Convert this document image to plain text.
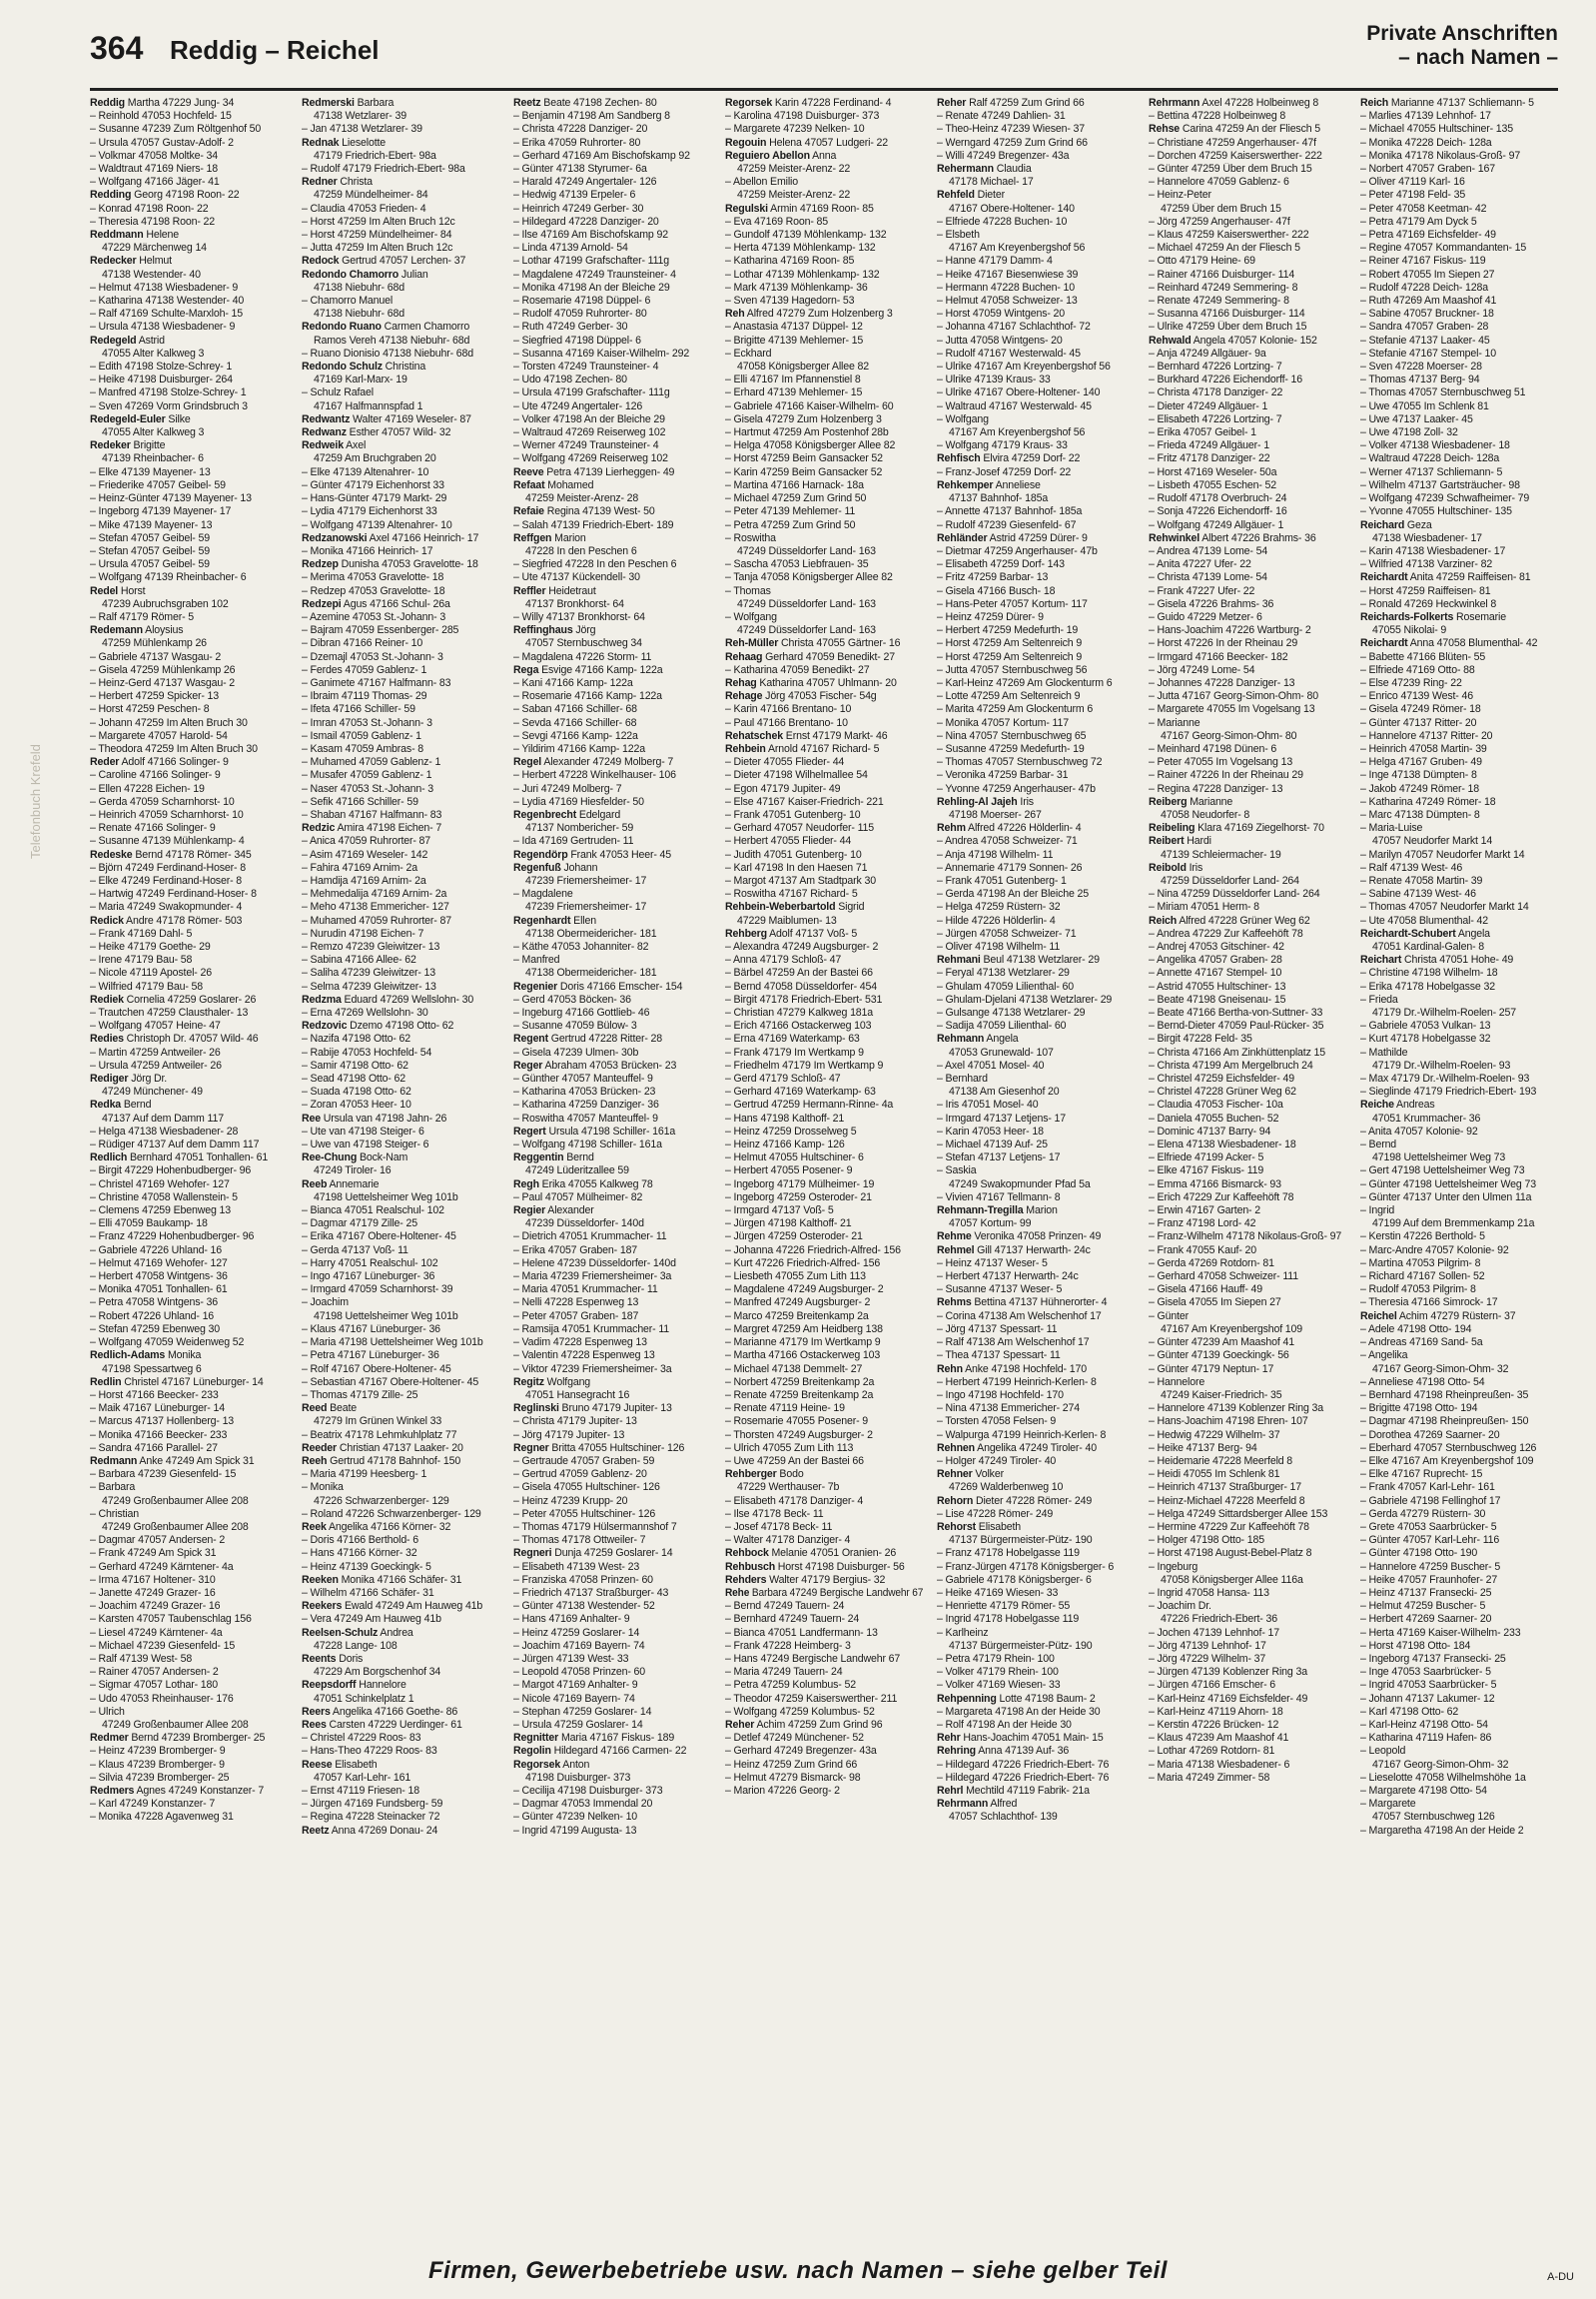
364 Reddig – Reichel
Private Anschriften
– nach Namen –
Telefonbuch Krefeld
Reddig Martha 47229 Jung- 34
– Reinhold 47053 Hochfeld- 15
– Susanne 47239 Zum Röltgenhof 50
– Ursula 47057 Gustav-Adolf- 2
– Volkmar 47058 Moltke- 34
– Waldtraut 47169 Niers- 18
– Wolfgang 47166 Jäger- 41
Redding Georg 47198 Roon- 22
– Konrad 47198 Roon- 22
– Theresia 47198 Roon- 22
Reddmann Helene
47229 Märchenweg 14
Redecker Helmut
47138 Westender- 40
– Helmut 47138 Wiesbadener- 9
– Katharina 47138 Westender- 40
– Ralf 47169 Schulte-Marxloh- 15
– Ursula 47138 Wiesbadener- 9
Redegeld Astrid
47055 Alter Kalkweg 3
– Edith 47198 Stolze-Schrey- 1
– Heike 47198 Duisburger- 264
– Manfred 47198 Stolze-Schrey- 1
– Sven 47269 Vorm Grindsbruch 3
Redegeld-Euler Silke
47055 Alter Kalkweg 3
Redeker Brigitte
47139 Rheinbacher- 6
– Elke 47139 Mayener- 13
– Friederike 47057 Geibel- 59
– Heinz-Günter 47139 Mayener- 13
– Ingeborg 47139 Mayener- 17
– Mike 47139 Mayener- 13
– Stefan 47057 Geibel- 59
– Stefan 47057 Geibel- 59
– Ursula 47057 Geibel- 59
– Wolfgang 47139 Rheinbacher- 6
Redel Horst
47239 Aubruchsgraben 102
– Ralf 47179 Römer- 5
Redemann Aloysius
47259 Mühlenkamp 26
– Gabriele 47137 Wasgau- 2
– Gisela 47259 Mühlenkamp 26
– Heinz-Gerd 47137 Wasgau- 2
– Herbert 47259 Spicker- 13
– Horst 47259 Peschen- 8
– Johann 47259 Im Alten Bruch 30
– Margarete 47057 Harold- 54
– Theodora 47259 Im Alten Bruch 30
Reder Adolf 47166 Solinger- 9
– Caroline 47166 Solinger- 9
– Ellen 47228 Eichen- 19
– Gerda 47059 Scharnhorst- 10
– Heinrich 47059 Scharnhorst- 10
– Renate 47166 Solinger- 9
– Susanne 47139 Mühlenkamp- 4
Redeske Bernd 47178 Römer- 345
– Björn 47249 Ferdinand-Hoser- 8
– Elke 47249 Ferdinand-Hoser- 8
– Hartwig 47249 Ferdinand-Hoser- 8
– Maria 47249 Swakopmunder- 4
Redick Andre 47178 Römer- 503
– Frank 47169 Dahl- 5
– Heike 47179 Goethe- 29
– Irene 47179 Bau- 58
– Nicole 47119 Apostel- 26
– Wilfried 47179 Bau- 58
Rediek Cornelia 47259 Goslarer- 26
– Trautchen 47259 Clausthaler- 13
– Wolfgang 47057 Heine- 47
Redies Christoph Dr. 47057 Wild- 46
– Martin 47259 Antweiler- 26
– Ursula 47259 Antweiler- 26
Rediger Jörg Dr.
47249 Münchener- 49
Redka Bernd
47137 Auf dem Damm 117
– Helga 47138 Wiesbadener- 28
– Rüdiger 47137 Auf dem Damm 117
Redlich Bernhard 47051 Tonhallen- 61
– Birgit 47229 Hohenbudberger- 96
– Christel 47169 Wehofer- 127
– Christine 47058 Wallenstein- 5
– Clemens 47259 Ebenweg 13
– Elli 47059 Baukamp- 18
– Franz 47229 Hohenbudberger- 96
– Gabriele 47226 Uhland- 16
– Helmut 47169 Wehofer- 127
– Herbert 47058 Wintgens- 36
– Monika 47051 Tonhallen- 61
– Petra 47058 Wintgens- 36
– Robert 47226 Uhland- 16
– Stefan 47259 Ebenweg 30
– Wolfgang 47059 Weidenweg 52
Redlich-Adams Monika
47198 Spessartweg 6
Redlin Christel 47167 Lüneburger- 14
– Horst 47166 Beecker- 233
– Maik 47167 Lüneburger- 14
– Marcus 47137 Hollenberg- 13
– Monika 47166 Beecker- 233
– Sandra 47166 Parallel- 27
Redmann Anke 47249 Am Spick 31
– Barbara 47239 Giesenfeld- 15
– Barbara
47249 Großenbaumer Allee 208
– Christian
47249 Großenbaumer Allee 208
– Dagmar 47057 Andersen- 2
– Frank 47249 Am Spick 31
– Gerhard 47249 Kärntener- 4a
– Irma 47167 Holtener- 310
– Janette 47249 Grazer- 16
– Joachim 47249 Grazer- 16
– Karsten 47057 Taubenschlag 156
– Liesel 47249 Kärntener- 4a
– Michael 47239 Giesenfeld- 15
– Ralf 47139 West- 58
– Rainer 47057 Andersen- 2
– Sigmar 47057 Lothar- 180
– Udo 47053 Rheinhauser- 176
– Ulrich
47249 Großenbaumer Allee 208
Redmer Bernd 47239 Bromberger- 25
– Heinz 47239 Bromberger- 9
– Klaus 47239 Bromberger- 9
– Silvia 47239 Bromberger- 25
Redmers Agnes 47249 Konstanzer- 7
– Karl 47249 Konstanzer- 7
– Monika 47228 Agavenweg 31
Redmerski Barbara
47138 Wetzlarer- 39
– Jan 47138 Wetzlarer- 39
Rednak Lieselotte
47179 Friedrich-Ebert- 98a
– Rudolf 47179 Friedrich-Ebert- 98a
Redner Christa
47259 Mündelheimer- 84
– Claudia 47053 Frieden- 4
– Horst 47259 Im Alten Bruch 12c
– Horst 47259 Mündelheimer- 84
– Jutta 47259 Im Alten Bruch 12c
Redock Gertrud 47057 Lerchen- 37
Redondo Chamorro Julian
47138 Niebuhr- 68d
– Chamorro Manuel
47138 Niebuhr- 68d
Redondo Ruano Carmen Chamorro
Ramos Vereh 47138 Niebuhr- 68d
– Ruano Dionisio 47138 Niebuhr- 68d
Redondo Schulz Christina
47169 Karl-Marx- 19
– Schulz Rafael
47167 Halfmannspfad 1
Redwantz Walter 47169 Weseler- 87
Redwanz Esther 47057 Wild- 32
Redweik Axel
47259 Am Bruchgraben 20
– Elke 47139 Altenahrer- 10
– Günter 47179 Eichenhorst 33
– Hans-Günter 47179 Markt- 29
– Lydia 47179 Eichenhorst 33
– Wolfgang 47139 Altenahrer- 10
Redzanowski Axel 47166 Heinrich- 17
– Monika 47166 Heinrich- 17
Redzep Dunisha 47053 Gravelotte- 18
– Merima 47053 Gravelotte- 18
– Redzep 47053 Gravelotte- 18
Redzepi Agus 47166 Schul- 26a
– Azemine 47053 St.-Johann- 3
– Bajram 47059 Essenberger- 285
– Dibran 47166 Reiner- 10
– Dzemajl 47053 St.-Johann- 3
– Ferdes 47059 Gablenz- 1
– Ganimete 47167 Halfmann- 83
– Ibraim 47119 Thomas- 29
– Ifeta 47166 Schiller- 59
– Imran 47053 St.-Johann- 3
– Ismail 47059 Gablenz- 1
– Kasam 47059 Ambras- 8
– Muhamed 47059 Gablenz- 1
– Musafer 47059 Gablenz- 1
– Naser 47053 St.-Johann- 3
– Sefik 47166 Schiller- 59
– Shaban 47167 Halfmann- 83
Redzic Amira 47198 Eichen- 7
– Anica 47059 Ruhrorter- 87
– Asim 47169 Weseler- 142
– Fahira 47169 Arnim- 2a
– Hamdija 47169 Arnim- 2a
– Mehmedalija 47169 Arnim- 2a
– Meho 47138 Emmericher- 127
– Muhamed 47059 Ruhrorter- 87
– Nurudin 47198 Eichen- 7
– Remzo 47239 Gleiwitzer- 13
– Sabina 47166 Allee- 62
– Saliha 47239 Gleiwitzer- 13
– Selma 47239 Gleiwitzer- 13
Redzma Eduard 47269 Wellslohn- 30
– Erna 47269 Wellslohn- 30
Redzovic Dzemo 47198 Otto- 62
– Nazifa 47198 Otto- 62
– Rabije 47053 Hochfeld- 54
– Samir 47198 Otto- 62
– Sead 47198 Otto- 62
– Suada 47198 Otto- 62
– Zoran 47053 Heer- 10
Ree Ursula van 47198 Jahn- 26
– Ute van 47198 Steiger- 6
– Uwe van 47198 Steiger- 6
Ree-Chung Bock-Nam
47249 Tiroler- 16
Reeb Annemarie
47198 Uettelsheimer Weg 101b
– Bianca 47051 Realschul- 102
– Dagmar 47179 Zille- 25
– Erika 47167 Obere-Holtener- 45
– Gerda 47137 Voß- 11
– Harry 47051 Realschul- 102
– Ingo 47167 Lüneburger- 36
– Irmgard 47059 Scharnhorst- 39
– Joachim
47198 Uettelsheimer Weg 101b
– Klaus 47167 Lüneburger- 36
– Maria 47198 Uettelsheimer Weg 101b
– Petra 47167 Lüneburger- 36
– Rolf 47167 Obere-Holtener- 45
– Sebastian 47167 Obere-Holtener- 45
– Thomas 47179 Zille- 25
Reed Beate
47279 Im Grünen Winkel 33
– Beatrix 47178 Lehmkuhlplatz 77
Reeder Christian 47137 Laaker- 20
Reeh Gertrud 47178 Bahnhof- 150
– Maria 47199 Heesberg- 1
– Monika
47226 Schwarzenberger- 129
– Roland 47226 Schwarzenberger- 129
Reek Angelika 47166 Körner- 32
– Doris 47166 Berthold- 6
– Hans 47166 Körner- 32
– Heinz 47139 Goeckingk- 5
Reeken Monika 47166 Schäfer- 31
– Wilhelm 47166 Schäfer- 31
Reekers Ewald 47249 Am Hauweg 41b
– Vera 47249 Am Hauweg 41b
Reelsen-Schulz Andrea
47228 Lange- 108
Reents Doris
47229 Am Borgschenhof 34
Reepsdorff Hannelore
47051 Schinkelplatz 1
Reers Angelika 47166 Goethe- 86
Rees Carsten 47229 Uerdinger- 61
– Christel 47229 Roos- 83
– Hans-Theo 47229 Roos- 83
Reese Elisabeth
47057 Karl-Lehr- 161
– Ernst 47119 Friesen- 18
– Jürgen 47169 Fundsberg- 59
– Regina 47228 Steinacker 72
Reetz Anna 47269 Donau- 24
Reetz Beate 47198 Zechen- 80
– Benjamin 47198 Am Sandberg 8
– Christa 47228 Danziger- 20
– Erika 47059 Ruhrorter- 80
– Gerhard 47169 Am Bischofskamp 92
– Günter 47138 Styrumer- 6a
– Harald 47249 Angertaler- 126
– Hedwig 47139 Erpeler- 6
– Heinrich 47249 Gerber- 30
– Hildegard 47228 Danziger- 20
– Ilse 47169 Am Bischofskamp 92
– Linda 47139 Arnold- 54
– Lothar 47199 Grafschafter- 111g
– Magdalene 47249 Traunsteiner- 4
– Monika 47198 An der Bleiche 29
– Rosemarie 47198 Düppel- 6
– Rudolf 47059 Ruhrorter- 80
– Ruth 47249 Gerber- 30
– Siegfried 47198 Düppel- 6
– Susanna 47169 Kaiser-Wilhelm- 292
– Torsten 47249 Traunsteiner- 4
– Udo 47198 Zechen- 80
– Ursula 47199 Grafschafter- 111g
– Ute 47249 Angertaler- 126
– Volker 47198 An der Bleiche 29
– Waltraud 47269 Reiserweg 102
– Werner 47249 Traunsteiner- 4
– Wolfgang 47269 Reiserweg 102
Reeve Petra 47139 Lierheggen- 49
Refaat Mohamed
47259 Meister-Arenz- 28
Refaie Regina 47139 West- 50
– Salah 47139 Friedrich-Ebert- 189
Reffgen Marion
47228 In den Peschen 6
– Siegfried 47228 In den Peschen 6
– Ute 47137 Kückendell- 30
Reffler Heidetraut
47137 Bronkhorst- 64
– Willy 47137 Bronkhorst- 64
Reffinghaus Jörg
47057 Sternbuschweg 34
– Magdalena 47226 Storm- 11
Rega Esvige 47166 Kamp- 122a
– Kani 47166 Kamp- 122a
– Rosemarie 47166 Kamp- 122a
– Saban 47166 Schiller- 68
– Sevda 47166 Schiller- 68
– Sevgi 47166 Kamp- 122a
– Yildirim 47166 Kamp- 122a
Regel Alexander 47249 Molberg- 7
– Herbert 47228 Winkelhauser- 106
– Juri 47249 Molberg- 7
– Lydia 47169 Hiesfelder- 50
Regenbrecht Edelgard
47137 Nombericher- 59
– Ida 47169 Gertruden- 11
Regendörp Frank 47053 Heer- 45
Regenfuß Johann
47239 Friemersheimer- 17
– Magdalene
47239 Friemersheimer- 17
Regenhardt Ellen
47138 Obermeidericher- 181
– Käthe 47053 Johanniter- 82
– Manfred
47138 Obermeidericher- 181
Regenier Doris 47166 Emscher- 154
– Gerd 47053 Böcken- 36
– Ingeburg 47166 Gottlieb- 46
– Susanne 47059 Bülow- 3
Regent Gertrud 47228 Ritter- 28
– Gisela 47239 Ulmen- 30b
Reger Abraham 47053 Brücken- 23
– Günther 47057 Manteuffel- 9
– Katharina 47053 Brücken- 23
– Katharina 47259 Danziger- 36
– Roswitha 47057 Manteuffel- 9
Regert Ursula 47198 Schiller- 161a
– Wolfgang 47198 Schiller- 161a
Reggentin Bernd
47249 Lüderitzallee 59
Regh Erika 47055 Kalkweg 78
– Paul 47057 Mülheimer- 82
Regier Alexander
47239 Düsseldorfer- 140d
– Dietrich 47051 Krummacher- 11
– Erika 47057 Graben- 187
– Helene 47239 Düsseldorfer- 140d
– Maria 47239 Friemersheimer- 3a
– Maria 47051 Krummacher- 11
– Nelli 47228 Espenweg 13
– Peter 47057 Graben- 187
– Ramsija 47051 Krummacher- 11
– Vadim 47228 Espenweg 13
– Valentin 47228 Espenweg 13
– Viktor 47239 Friemersheimer- 3a
Regitz Wolfgang
47051 Hansegracht 16
Reglinski Bruno 47179 Jupiter- 13
– Christa 47179 Jupiter- 13
– Jörg 47179 Jupiter- 13
Regner Britta 47055 Hultschiner- 126
– Gertraude 47057 Graben- 59
– Gertrud 47059 Gablenz- 20
– Gisela 47055 Hultschiner- 126
– Heinz 47239 Krupp- 20
– Peter 47055 Hultschiner- 126
– Thomas 47179 Hülsermannshof 7
– Thomas 47178 Ottweiler- 7
Regneri Dunja 47259 Goslarer- 14
– Elisabeth 47139 West- 23
– Franziska 47058 Prinzen- 60
– Friedrich 47137 Straßburger- 43
– Günter 47138 Westender- 52
– Hans 47169 Anhalter- 9
– Heinz 47259 Goslarer- 14
– Joachim 47169 Bayern- 74
– Jürgen 47139 West- 33
– Leopold 47058 Prinzen- 60
– Margot 47169 Anhalter- 9
– Nicole 47169 Bayern- 74
– Stephan 47259 Goslarer- 14
– Ursula 47259 Goslarer- 14
Regnitter Maria 47167 Fiskus- 189
Regolin Hildegard 47166 Carmen- 22
Regorsek Anton
47198 Duisburger- 373
– Cecilija 47198 Duisburger- 373
– Dagmar 47053 Immendal 20
– Günter 47239 Nelken- 10
– Ingrid 47199 Augusta- 13
Regorsek Karin 47228 Ferdinand- 4
– Karolina 47198 Duisburger- 373
– Margarete 47239 Nelken- 10
Regouin Helena 47057 Ludgeri- 22
Reguiero Abellon Anna
47259 Meister-Arenz- 22
– Abellon Emilio
47259 Meister-Arenz- 22
Regulski Armin 47169 Roon- 85
– Eva 47169 Roon- 85
– Gundolf 47139 Möhlenkamp- 132
– Herta 47139 Möhlenkamp- 132
– Katharina 47169 Roon- 85
– Lothar 47139 Möhlenkamp- 132
– Mark 47139 Möhlenkamp- 36
– Sven 47139 Hagedorn- 53
Reh Alfred 47279 Zum Holzenberg 3
– Anastasia 47137 Düppel- 12
– Brigitte 47139 Mehlemer- 15
– Eckhard
47058 Königsberger Allee 82
– Elli 47167 Im Pfannenstiel 8
– Erhard 47139 Mehlemer- 15
– Gabriele 47166 Kaiser-Wilhelm- 60
– Gisela 47279 Zum Holzenberg 3
– Hartmut 47259 Am Postenhof 28b
– Helga 47058 Königsberger Allee 82
– Horst 47259 Beim Gansacker 52
– Karin 47259 Beim Gansacker 52
– Martina 47166 Harnack- 18a
– Michael 47259 Zum Grind 50
– Peter 47139 Mehlemer- 11
– Petra 47259 Zum Grind 50
– Roswitha
47249 Düsseldorfer Land- 163
– Sascha 47053 Liebfrauen- 35
– Tanja 47058 Königsberger Allee 82
– Thomas
47249 Düsseldorfer Land- 163
– Wolfgang
47249 Düsseldorfer Land- 163
Reh-Müller Christa 47055 Gärtner- 16
Rehaag Gerhard 47059 Benedikt- 27
– Katharina 47059 Benedikt- 27
Rehag Katharina 47057 Uhlmann- 20
Rehage Jörg 47053 Fischer- 54g
– Karin 47166 Brentano- 10
– Paul 47166 Brentano- 10
Rehatschek Ernst 47179 Markt- 46
Rehbein Arnold 47167 Richard- 5
– Dieter 47055 Flieder- 44
– Dieter 47198 Wilhelmallee 54
– Egon 47179 Jupiter- 49
– Else 47167 Kaiser-Friedrich- 221
– Frank 47051 Gutenberg- 10
– Gerhard 47057 Neudorfer- 115
– Herbert 47055 Flieder- 44
– Judith 47051 Gutenberg- 10
– Karl 47198 In den Haesen 71
– Margot 47137 Am Stadtpark 30
– Roswitha 47167 Richard- 5
Rehbein-Weberbartold Sigrid
47229 Maiblumen- 13
Rehberg Adolf 47137 Voß- 5
– Alexandra 47249 Augsburger- 2
– Anna 47179 Schloß- 47
– Bärbel 47259 An der Bastei 66
– Bernd 47058 Düsseldorfer- 454
– Birgit 47178 Friedrich-Ebert- 531
– Christian 47279 Kalkweg 181a
– Erich 47166 Ostackerweg 103
– Erna 47169 Waterkamp- 63
– Frank 47179 Im Wertkamp 9
– Friedhelm 47179 Im Wertkamp 9
– Gerd 47179 Schloß- 47
– Gerhard 47169 Waterkamp- 63
– Gertrud 47259 Hermann-Rinne- 4a
– Hans 47198 Kalthoff- 21
– Heinz 47259 Drosselweg 5
– Heinz 47166 Kamp- 126
– Helmut 47055 Hultschiner- 6
– Herbert 47055 Posener- 9
– Ingeborg 47179 Mülheimer- 19
– Ingeborg 47259 Osteroder- 21
– Irmgard 47137 Voß- 5
– Jürgen 47198 Kalthoff- 21
– Jürgen 47259 Osteroder- 21
– Johanna 47226 Friedrich-Alfred- 156
– Kurt 47226 Friedrich-Alfred- 156
– Liesbeth 47055 Zum Lith 113
– Magdalene 47249 Augsburger- 2
– Manfred 47249 Augsburger- 2
– Marco 47259 Breitenkamp 2a
– Margret 47259 Am Heidberg 138
– Marianne 47179 Im Wertkamp 9
– Martha 47166 Ostackerweg 103
– Michael 47138 Demmelt- 27
– Norbert 47259 Breitenkamp 2a
– Renate 47259 Breitenkamp 2a
– Renate 47119 Heine- 19
– Rosemarie 47055 Posener- 9
– Thorsten 47249 Augsburger- 2
– Ulrich 47055 Zum Lith 113
– Uwe 47259 An der Bastei 66
Rehberger Bodo
47229 Werthauser- 7b
– Elisabeth 47178 Danziger- 4
– Ilse 47178 Beck- 11
– Josef 47178 Beck- 11
– Walter 47178 Danziger- 4
Rehbock Melanie 47051 Oranien- 26
Rehbusch Horst 47198 Duisburger- 56
Rehders Walter 47179 Bergius- 32
Rehe Barbara 47249 Bergische Landwehr 67
– Bernd 47249 Tauern- 24
– Bernhard 47249 Tauern- 24
– Bianca 47051 Landfermann- 13
– Frank 47228 Heimberg- 3
– Hans 47249 Bergische Landwehr 67
– Maria 47249 Tauern- 24
– Petra 47259 Kolumbus- 52
– Theodor 47259 Kaiserswerther- 211
– Wolfgang 47259 Kolumbus- 52
Reher Achim 47259 Zum Grind 96
– Detlef 47249 Münchener- 52
– Gerhard 47249 Bregenzer- 43a
– Heinz 47259 Zum Grind 66
– Helmut 47279 Bismarck- 98
– Marion 47226 Georg- 2
Reher Ralf 47259 Zum Grind 66
– Renate 47249 Dahlien- 31
– Theo-Heinz 47239 Wiesen- 37
– Werngard 47259 Zum Grind 66
– Willi 47249 Bregenzer- 43a
Rehermann Claudia
47178 Michael- 17
Rehfeld Dieter
47167 Obere-Holtener- 140
– Elfriede 47228 Buchen- 10
– Elsbeth
47167 Am Kreyenbergshof 56
– Hanne 47179 Damm- 4
– Heike 47167 Biesenwiese 39
– Hermann 47228 Buchen- 10
– Helmut 47058 Schweizer- 13
– Horst 47059 Wintgens- 20
– Johanna 47167 Schlachthof- 72
– Jutta 47058 Wintgens- 20
– Rudolf 47167 Westerwald- 45
– Ulrike 47167 Am Kreyenbergshof 56
– Ulrike 47139 Kraus- 33
– Ulrike 47167 Obere-Holtener- 140
– Waltraud 47167 Westerwald- 45
– Wolfgang
47167 Am Kreyenbergshof 56
– Wolfgang 47179 Kraus- 33
Rehfisch Elvira 47259 Dorf- 22
– Franz-Josef 47259 Dorf- 22
Rehkemper Anneliese
47137 Bahnhof- 185a
– Annette 47137 Bahnhof- 185a
– Rudolf 47239 Giesenfeld- 67
Rehländer Astrid 47259 Dürer- 9
– Dietmar 47259 Angerhauser- 47b
– Elisabeth 47259 Dorf- 143
– Fritz 47259 Barbar- 13
– Gisela 47166 Busch- 18
– Hans-Peter 47057 Kortum- 117
– Heinz 47259 Dürer- 9
– Herbert 47259 Medefurth- 19
– Horst 47259 Am Seltenreich 9
– Horst 47259 Am Seltenreich 9
– Jutta 47057 Sternbuschweg 56
– Karl-Heinz 47269 Am Glockenturm 6
– Lotte 47259 Am Seltenreich 9
– Marita 47259 Am Glockenturm 6
– Monika 47057 Kortum- 117
– Nina 47057 Sternbuschweg 65
– Susanne 47259 Medefurth- 19
– Thomas 47057 Sternbuschweg 72
– Veronika 47259 Barbar- 31
– Yvonne 47259 Angerhauser- 47b
Rehling-Al Jajeh Iris
47198 Moerser- 267
Rehm Alfred 47226 Hölderlin- 4
– Andrea 47058 Schweizer- 71
– Anja 47198 Wilhelm- 11
– Annemarie 47179 Sonnen- 26
– Frank 47051 Gutenberg- 1
– Gerda 47198 An der Bleiche 25
– Helga 47259 Rüstern- 32
– Hilde 47226 Hölderlin- 4
– Jürgen 47058 Schweizer- 71
– Oliver 47198 Wilhelm- 11
Rehmani Beul 47138 Wetzlarer- 29
– Feryal 47138 Wetzlarer- 29
– Ghulam 47059 Lilienthal- 60
– Ghulam-Djelani 47138 Wetzlarer- 29
– Gulsange 47138 Wetzlarer- 29
– Sadija 47059 Lilienthal- 60
Rehmann Angela
47053 Grunewald- 107
– Axel 47051 Mosel- 40
– Bernhard
47138 Am Giesenhof 20
– Iris 47051 Mosel- 40
– Irmgard 47137 Letjens- 17
– Karin 47053 Heer- 18
– Michael 47139 Auf- 25
– Stefan 47137 Letjens- 17
– Saskia
47249 Swakopmunder Pfad 5a
– Vivien 47167 Tellmann- 8
Rehmann-Tregilla Marion
47057 Kortum- 99
Rehme Veronika 47058 Prinzen- 49
Rehmel Gill 47137 Herwarth- 24c
– Heinz 47137 Weser- 5
– Herbert 47137 Herwarth- 24c
– Susanne 47137 Weser- 5
Rehms Bettina 47137 Hühnerorter- 4
– Corina 47138 Am Welschenhof 17
– Jörg 47137 Spessart- 11
– Ralf 47138 Am Welschenhof 17
– Thea 47137 Spessart- 11
Rehn Anke 47198 Hochfeld- 170
– Herbert 47199 Heinrich-Kerlen- 8
– Ingo 47198 Hochfeld- 170
– Nina 47138 Emmericher- 274
– Torsten 47058 Felsen- 9
– Walpurga 47199 Heinrich-Kerlen- 8
Rehnen Angelika 47249 Tiroler- 40
– Holger 47249 Tiroler- 40
Rehner Volker
47269 Walderbenweg 10
Rehorn Dieter 47228 Römer- 249
– Lise 47228 Römer- 249
Rehorst Elisabeth
47137 Bürgermeister-Pütz- 190
– Franz 47178 Hobelgasse 119
– Franz-Jürgen 47178 Königsberger- 6
– Gabriele 47178 Königsberger- 6
– Heike 47169 Wiesen- 33
– Henriette 47179 Römer- 55
– Ingrid 47178 Hobelgasse 119
– Karlheinz
47137 Bürgermeister-Pütz- 190
– Petra 47179 Rhein- 100
– Volker 47179 Rhein- 100
– Volker 47169 Wiesen- 33
Rehpenning Lotte 47198 Baum- 2
– Margareta 47198 An der Heide 30
– Rolf 47198 An der Heide 30
Rehr Hans-Joachim 47051 Main- 15
Rehring Anna 47139 Auf- 36
– Hildegard 47226 Friedrich-Ebert- 76
– Hildegard 47226 Friedrich-Ebert- 76
Rehrl Mechtild 47119 Fabrik- 21a
Rehrmann Alfred
47057 Schlachthof- 139
Rehrmann Axel 47228 Holbeinweg 8
– Bettina 47228 Holbeinweg 8
Rehse Carina 47259 An der Fliesch 5
– Christiane 47259 Angerhauser- 47f
– Dorchen 47259 Kaiserswerther- 222
– Günter 47259 Über dem Bruch 15
– Hannelore 47059 Gablenz- 6
– Heinz-Peter
47259 Über dem Bruch 15
– Jörg 47259 Angerhauser- 47f
– Klaus 47259 Kaiserswerther- 222
– Michael 47259 An der Fliesch 5
– Otto 47179 Heine- 69
– Rainer 47166 Duisburger- 114
– Reinhard 47249 Semmering- 8
– Renate 47249 Semmering- 8
– Susanna 47166 Duisburger- 114
– Ulrike 47259 Über dem Bruch 15
Rehwald Angela 47057 Kolonie- 152
– Anja 47249 Allgäuer- 9a
– Bernhard 47226 Lortzing- 7
– Burkhard 47226 Eichendorff- 16
– Christa 47178 Danziger- 22
– Dieter 47249 Allgäuer- 1
– Elisabeth 47226 Lortzing- 7
– Erika 47057 Geibel- 1
– Frieda 47249 Allgäuer- 1
– Fritz 47178 Danziger- 22
– Horst 47169 Weseler- 50a
– Lisbeth 47055 Eschen- 52
– Rudolf 47178 Overbruch- 24
– Sonja 47226 Eichendorff- 16
– Wolfgang 47249 Allgäuer- 1
Rehwinkel Albert 47226 Brahms- 36
– Andrea 47139 Lome- 54
– Anita 47227 Ufer- 22
– Christa 47139 Lome- 54
– Frank 47227 Ufer- 22
– Gisela 47226 Brahms- 36
– Guido 47229 Metzer- 6
– Hans-Joachim 47226 Wartburg- 2
– Horst 47226 In der Rheinau 29
– Irmgard 47166 Beecker- 182
– Jörg 47249 Lome- 54
– Johannes 47228 Danziger- 13
– Jutta 47167 Georg-Simon-Ohm- 80
– Margarete 47055 Im Vogelsang 13
– Marianne
47167 Georg-Simon-Ohm- 80
– Meinhard 47198 Dünen- 6
– Peter 47055 Im Vogelsang 13
– Rainer 47226 In der Rheinau 29
– Regina 47228 Danziger- 13
Reiberg Marianne
47058 Neudorfer- 8
Reibeling Klara 47169 Ziegelhorst- 70
Reibert Hardi
47139 Schleiermacher- 19
Reibold Iris
47259 Düsseldorfer Land- 264
– Nina 47259 Düsseldorfer Land- 264
– Miriam 47051 Herm- 8
Reich Alfred 47228 Grüner Weg 62
– Andrea 47229 Zur Kaffeehöft 78
– Andrej 47053 Gitschiner- 42
– Angelika 47057 Graben- 28
– Annette 47167 Stempel- 10
– Astrid 47055 Hultschiner- 13
– Beate 47198 Gneisenau- 15
– Beate 47166 Bertha-von-Suttner- 33
– Bernd-Dieter 47059 Paul-Rücker- 35
– Birgit 47228 Feld- 35
– Christa 47166 Am Zinkhüttenplatz 15
– Christa 47199 Am Mergelbruch 24
– Christel 47259 Eichsfelder- 49
– Christel 47228 Grüner Weg 62
– Claudia 47053 Fischer- 10a
– Daniela 47055 Buchen- 52
– Dominic 47137 Barry- 94
– Elena 47138 Wiesbadener- 18
– Elfriede 47199 Acker- 5
– Elke 47167 Fiskus- 119
– Emma 47166 Bismarck- 93
– Erich 47229 Zur Kaffeehöft 78
– Erwin 47167 Garten- 2
– Franz 47198 Lord- 42
– Franz-Wilhelm 47178 Nikolaus-Groß- 97
– Frank 47055 Kauf- 20
– Gerda 47269 Rotdorn- 81
– Gerhard 47058 Schweizer- 111
– Gisela 47166 Hauff- 49
– Gisela 47055 Im Siepen 27
– Günter
47167 Am Kreyenbergshof 109
– Günter 47239 Am Maashof 41
– Günter 47139 Goeckingk- 56
– Günter 47179 Neptun- 17
– Hannelore
47249 Kaiser-Friedrich- 35
– Hannelore 47139 Koblenzer Ring 3a
– Hans-Joachim 47198 Ehren- 107
– Hedwig 47229 Wilhelm- 37
– Heike 47137 Berg- 94
– Heidemarie 47228 Meerfeld 8
– Heidi 47055 Im Schlenk 81
– Heinrich 47137 Straßburger- 17
– Heinz-Michael 47228 Meerfeld 8
– Helga 47249 Sittardsberger Allee 153
– Hermine 47229 Zur Kaffeehöft 78
– Holger 47198 Otto- 185
– Horst 47198 August-Bebel-Platz 8
– Ingeburg
47058 Königsberger Allee 116a
– Ingrid 47058 Hansa- 113
– Joachim Dr.
47226 Friedrich-Ebert- 36
– Jochen 47139 Lehnhof- 17
– Jörg 47139 Lehnhof- 17
– Jörg 47229 Wilhelm- 37
– Jürgen 47139 Koblenzer Ring 3a
– Jürgen 47166 Emscher- 6
– Karl-Heinz 47169 Eichsfelder- 49
– Karl-Heinz 47119 Ahorn- 18
– Kerstin 47226 Brücken- 12
– Klaus 47239 Am Maashof 41
– Lothar 47269 Rotdorn- 81
– Maria 47138 Wiesbadener- 6
– Maria 47249 Zimmer- 58
Reich Marianne 47137 Schliemann- 5
– Marlies 47139 Lehnhof- 17
– Michael 47055 Hultschiner- 135
– Monika 47228 Deich- 128a
– Monika 47178 Nikolaus-Groß- 97
– Norbert 47057 Graben- 167
– Oliver 47119 Karl- 16
– Peter 47198 Feld- 35
– Peter 47058 Keetman- 42
– Petra 47179 Am Dyck 5
– Petra 47169 Eichsfelder- 49
– Regine 47057 Kommandanten- 15
– Reiner 47167 Fiskus- 119
– Robert 47055 Im Siepen 27
– Rudolf 47228 Deich- 128a
– Ruth 47269 Am Maashof 41
– Sabine 47057 Bruckner- 18
– Sandra 47057 Graben- 28
– Stefanie 47137 Laaker- 45
– Stefanie 47167 Stempel- 10
– Sven 47228 Moerser- 28
– Thomas 47137 Berg- 94
– Thomas 47057 Sternbuschweg 51
– Uwe 47055 Im Schlenk 81
– Uwe 47137 Laaker- 45
– Uwe 47198 Zoll- 32
– Volker 47138 Wiesbadener- 18
– Waltraud 47228 Deich- 128a
– Werner 47137 Schliemann- 5
– Wilhelm 47137 Gartsträucher- 98
– Wolfgang 47239 Schwafheimer- 79
– Yvonne 47055 Hultschiner- 135
Reichard Geza
47138 Wiesbadener- 17
– Karin 47138 Wiesbadener- 17
– Wilfried 47138 Varziner- 82
Reichardt Anita 47259 Raiffeisen- 81
– Horst 47259 Raiffeisen- 81
– Ronald 47269 Heckwinkel 8
Reichards-Folkerts Rosemarie
47055 Nikolai- 9
Reichardt Anna 47058 Blumenthal- 42
– Babette 47166 Blüten- 55
– Elfriede 47169 Otto- 88
– Else 47239 Ring- 22
– Enrico 47139 West- 46
– Gisela 47249 Römer- 18
– Günter 47137 Ritter- 20
– Hannelore 47137 Ritter- 20
– Heinrich 47058 Martin- 39
– Helga 47167 Gruben- 49
– Inge 47138 Dümpten- 8
– Jakob 47249 Römer- 18
– Katharina 47249 Römer- 18
– Marc 47138 Dümpten- 8
– Maria-Luise
47057 Neudorfer Markt 14
– Marilyn 47057 Neudorfer Markt 14
– Ralf 47139 West- 46
– Renate 47058 Martin- 39
– Sabine 47139 West- 46
– Thomas 47057 Neudorfer Markt 14
– Ute 47058 Blumenthal- 42
Reichardt-Schubert Angela
47051 Kardinal-Galen- 8
Reichart Christa 47051 Hohe- 49
– Christine 47198 Wilhelm- 18
– Erika 47178 Hobelgasse 32
– Frieda
47179 Dr.-Wilhelm-Roelen- 257
– Gabriele 47053 Vulkan- 13
– Kurt 47178 Hobelgasse 32
– Mathilde
47179 Dr.-Wilhelm-Roelen- 93
– Max 47179 Dr.-Wilhelm-Roelen- 93
– Sieglinde 47179 Friedrich-Ebert- 193
Reiche Andreas
47051 Krummacher- 36
– Anita 47057 Kolonie- 92
– Bernd
47198 Uettelsheimer Weg 73
– Gert 47198 Uettelsheimer Weg 73
– Günter 47198 Uettelsheimer Weg 73
– Günter 47137 Unter den Ulmen 11a
– Ingrid
47199 Auf dem Bremmenkamp 21a
– Kerstin 47226 Berthold- 5
– Marc-Andre 47057 Kolonie- 92
– Martina 47053 Pilgrim- 8
– Richard 47167 Sollen- 52
– Rudolf 47053 Pilgrim- 8
– Theresia 47166 Simrock- 17
Reichel Achim 47279 Rüstern- 37
– Adele 47198 Otto- 194
– Andreas 47169 Sand- 5a
– Angelika
47167 Georg-Simon-Ohm- 32
– Anneliese 47198 Otto- 54
– Bernhard 47198 Rheinpreußen- 35
– Brigitte 47198 Otto- 194
– Dagmar 47198 Rheinpreußen- 150
– Dorothea 47269 Saarner- 20
– Eberhard 47057 Sternbuschweg 126
– Elke 47167 Am Kreyenbergshof 109
– Elke 47167 Ruprecht- 15
– Frank 47057 Karl-Lehr- 161
– Gabriele 47198 Fellinghof 17
– Gerda 47279 Rüstern- 30
– Grete 47053 Saarbrücker- 5
– Günter 47057 Karl-Lehr- 116
– Günter 47198 Otto- 190
– Hannelore 47259 Buscher- 5
– Heike 47057 Fraunhofer- 27
– Heinz 47137 Fransecki- 25
– Helmut 47259 Buscher- 5
– Herbert 47269 Saarner- 20
– Herta 47169 Kaiser-Wilhelm- 233
– Horst 47198 Otto- 184
– Ingeborg 47137 Fransecki- 25
– Inge 47053 Saarbrücker- 5
– Ingrid 47053 Saarbrücker- 5
– Johann 47137 Lakumer- 12
– Karl 47198 Otto- 62
– Karl-Heinz 47198 Otto- 54
– Katharina 47119 Hafen- 86
– Leopold
47167 Georg-Simon-Ohm- 32
– Lieselotte 47058 Wilhelmshöhe 1a
– Margarete 47198 Otto- 54
– Margarete
47057 Sternbuschweg 126
– Margaretha 47198 An der Heide 2
Firmen, Gewerbebetriebe usw. nach Namen – siehe gelber Teil	A-DU
